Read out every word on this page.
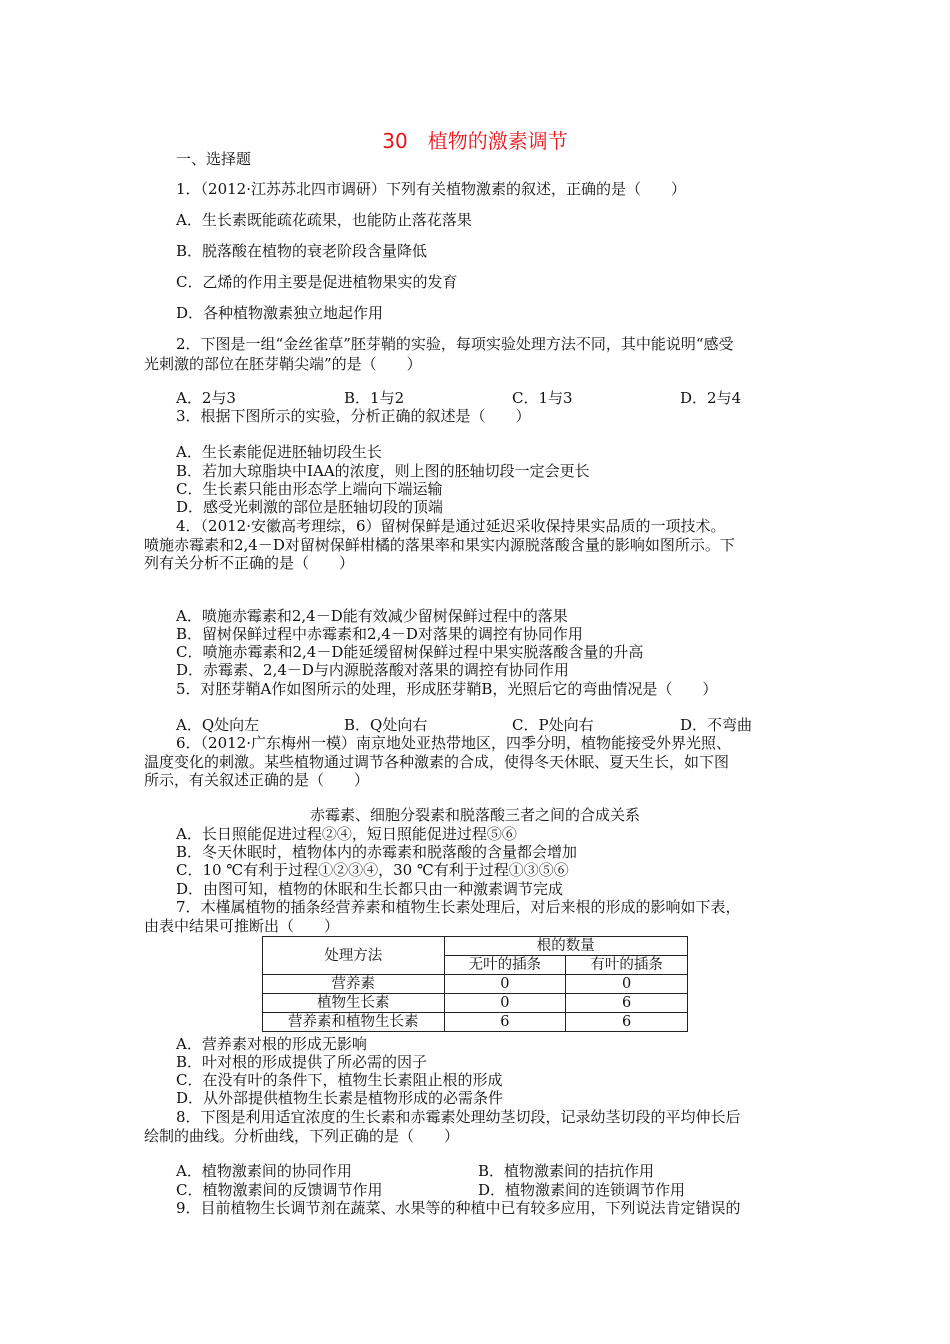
30　植物的激素调节
一、选择题
1．（2012·江苏苏北四市调研）下列有关植物激素的叙述，正确的是（　　）
A．生长素既能疏花疏果，也能防止落花落果
B．脱落酸在植物的衰老阶段含量降低
C．乙烯的作用主要是促进植物果实的发育
D．各种植物激素独立地起作用
2．下图是一组“金丝雀草”胚芽鞘的实验，每项实验处理方法不同，其中能说明“感受
光刺激的部位在胚芽鞘尖端”的是（　　）
A．2与3	B．1与2	C．1与3	D．2与4
3．根据下图所示的实验，分析正确的叙述是（　　）
A．生长素能促进胚轴切段生长
B．若加大琼脂块中IAA的浓度，则上图的胚轴切段一定会更长
C．生长素只能由形态学上端向下端运输
D．感受光刺激的部位是胚轴切段的顶端
4．（2012·安徽高考理综，6）留树保鲜是通过延迟采收保持果实品质的一项技术。
喷施赤霉素和2,4－D对留树保鲜柑橘的落果率和果实内源脱落酸含量的影响如图所示。下
列有关分析不正确的是（　　）
A．喷施赤霉素和2,4－D能有效减少留树保鲜过程中的落果
B．留树保鲜过程中赤霉素和2,4－D对落果的调控有协同作用
C．喷施赤霉素和2,4－D能延缓留树保鲜过程中果实脱落酸含量的升高
D．赤霉素、2,4－D与内源脱落酸对落果的调控有协同作用
5．对胚芽鞘A作如图所示的处理，形成胚芽鞘B，光照后它的弯曲情况是（　　）
A．Q处向左	B．Q处向右	C．P处向右	D．不弯曲
6．（2012·广东梅州一模）南京地处亚热带地区，四季分明，植物能接受外界光照、
温度变化的刺激。某些植物通过调节各种激素的合成，使得冬天休眠、夏天生长，如下图
所示，有关叙述正确的是（　　）
赤霉素、细胞分裂素和脱落酸三者之间的合成关系
A．长日照能促进过程②④，短日照能促进过程⑤⑥
B．冬天休眠时，植物体内的赤霉素和脱落酸的含量都会增加
C．10 ℃有利于过程①②③④，30 ℃有利于过程①③⑤⑥
D．由图可知，植物的休眠和生长都只由一种激素调节完成
7．木槿属植物的插条经营养素和植物生长素处理后，对后来根的形成的影响如下表，
由表中结果可推断出（　　）
处理方法	根的数量	
	无叶的插条	有叶的插条
营养素	0	0
植物生长素	0	6
营养素和植物生长素	6	6
A．营养素对根的形成无影响
B．叶对根的形成提供了所必需的因子
C．在没有叶的条件下，植物生长素阻止根的形成
D．从外部提供植物生长素是植物形成的必需条件
8．下图是利用适宜浓度的生长素和赤霉素处理幼茎切段，记录幼茎切段的平均伸长后
绘制的曲线。分析曲线，下列正确的是（　　）
A．植物激素间的协同作用	B．植物激素间的拮抗作用
C．植物激素间的反馈调节作用	D．植物激素间的连锁调节作用
9．目前植物生长调节剂在蔬菜、水果等的种植中已有较多应用，下列说法肯定错误的
